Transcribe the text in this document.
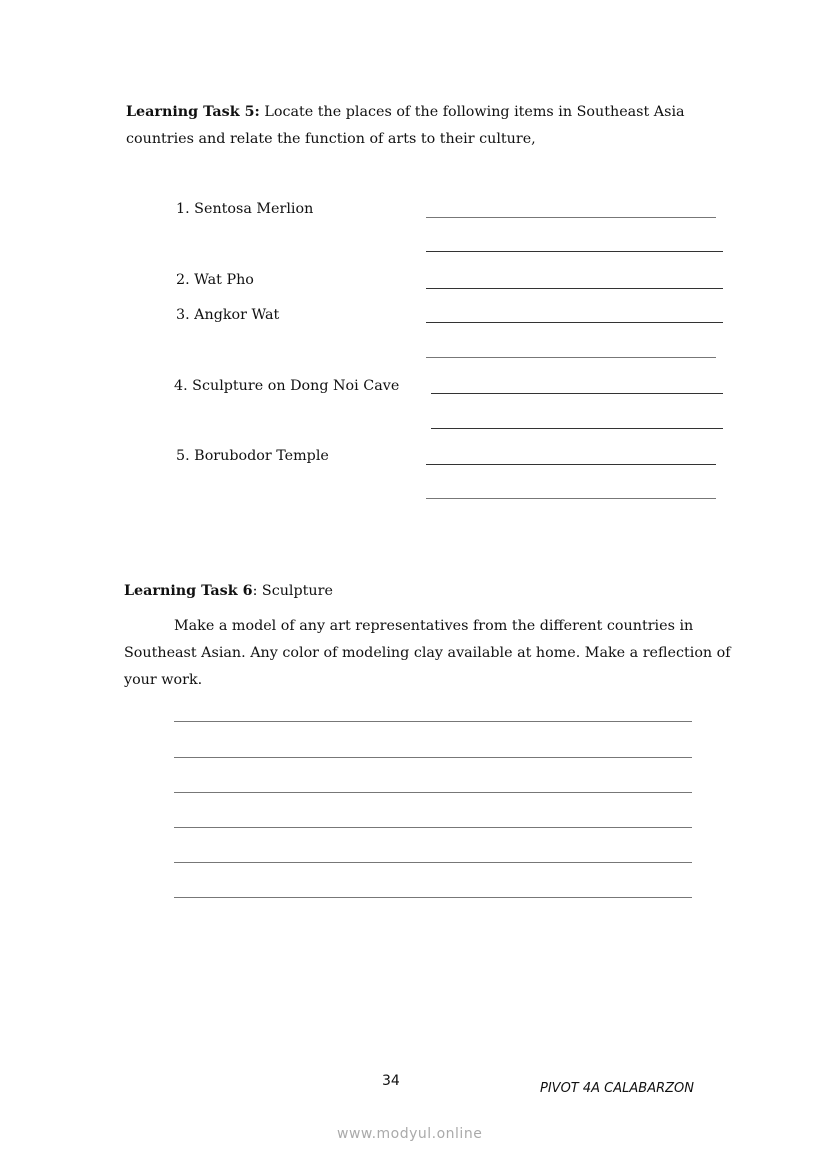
Learning Task 5: Locate the places of the following items in Southeast Asia
countries and relate the function of arts to their culture,
1. Sentosa Merlion
2. Wat Pho
3. Angkor Wat
4. Sculpture on Dong Noi Cave
5. Borubodor Temple
Learning Task 6: Sculpture
Make a model of any art representatives from the different countries in Southeast Asian. Any color of modeling clay available at home. Make a reflection of your work.
34	PIVOT 4A CALABARZON
www.modyul.online
